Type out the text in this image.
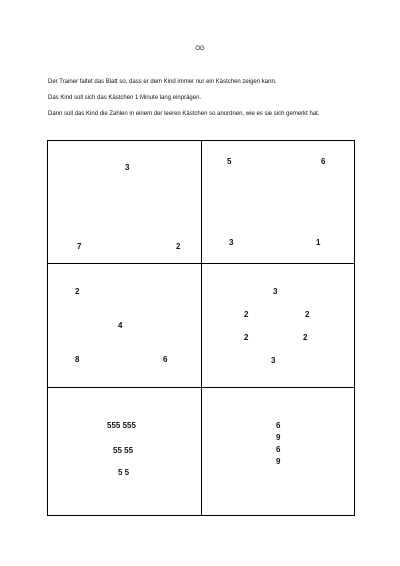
OG
Der Trainer faltet das Blatt so, dass er dem Kind immer nur ein Kästchen zeigen kann.
Das Kind soll sich das Kästchen 1 Minute lang einprägen.
Dann soll das Kind die Zahlen in einem der leeren Kästchen so anordnen, wie es sie sich gemerkt hat.
3
7	2
5	6
3	1
2
4
8	6
3
2	2
2	2
3
555 555
55 55
5 5
6
9
6
9
